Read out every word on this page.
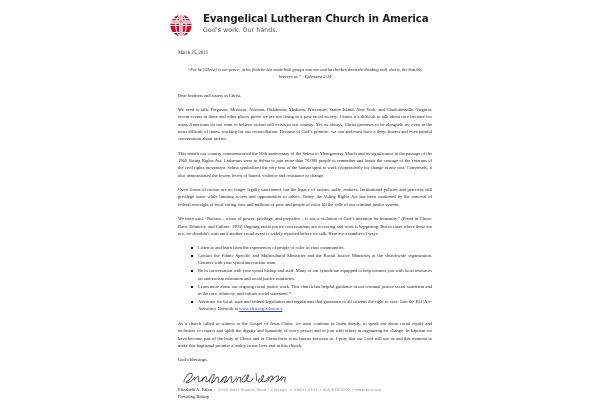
Evangelical Lutheran Church in America
God's work. Our hands.
March 25, 2015
“For he [Christ] is our peace; in his flesh he has made both groups into one and has broken down the dividing wall, that is, the hostility between us.” - Ephesians 2:14
Dear brothers and sisters in Christ,

We need to talk. Ferguson, Missouri; Norman, Oklahoma; Madison, Wisconsin; Staten Island, New York; and Charlottesville, Virginia: recent events in these and other places prove we are not living in a post-racial society. I know it’s difficult to talk about race because too many Americans do not want to believe racism still exists in our country. Yet, as always, Christ promises to be alongside us, even in the most difficult of times, working for our reconciliation. Because of God’s promise, we can and must have a deep, honest and even painful conversation about racism.

This month our country commemorated the 50th anniversary of the Selma to Montgomery March and its significance in the passage of the 1965 Voting Rights Act. Lutherans were in Selma to join more than 70,000 people to remember and honor the courage of the veterans of the civil rights movement. Selma symbolized the very best of the human spirit to work cooperatively for change at any cost. Conversely, it also demonstrated the lowest levels of hatred, violence and resistance to change.

Overt forms of racism are no longer legally sanctioned, but the legacy of racism, sadly, endures. Institutional policies and practices still privilege some while limiting access and opportunities to others. Today, the Voting Rights Act has been weakened by the removal of federal oversight of local voting laws and millions of poor and people of color fill the cells of our criminal justice system.

We have said, “Racism – a mix of power, privilege, and prejudice – is sin, a violation of God’s intention for humanity.” (Freed in Christ: Race, Ethnicity, and Culture, 1993) Ongoing racial justice conversations are occurring and work is happening. But in cases where these are not, we shouldn’t wait until another racial event is widely reported before we talk. Here are a number of ways:

Listen to and learn from the experiences of people of color in your communities.
Contact the Ethnic Specific and Multicultural Ministries and the Racial Justice Ministries at the churchwide organization. Connect with your synod anti-racism team.
Be in conversation with your synod bishop and staff. Many of our synods are equipped to help connect you with local resources on anti-racism education and racial justice ministries.
Learn more about our ongoing racial justice work. This church has helpful guidance in our criminal justice social statement and in the race, ethnicity, and culture social statement.*
Advocate for local, state and federal legislation and regulations that guarantee to all citizens the right to vote. Join the ELCA e-Advocacy Network at www.elca.org/advocacy.

As a church called to witness to the Gospel of Jesus Christ, we must continue to listen deeply, to speak out about racial equity and inclusion, to respect and uplift the dignity and humanity of every person and to join with others in organizing for change. In baptism we have become part of the body of Christ and in Christ there is no barrier between us. I pray that our Lord will use us and this moment to make this baptismal promise a reality in our lives and in this church.

God’s blessings,
Elizabeth A. Eaton
Presiding Bishop
8765 West Higgins Road • Chicago, IL 60631-4101 • 800/638-3522 • www.elca.org
